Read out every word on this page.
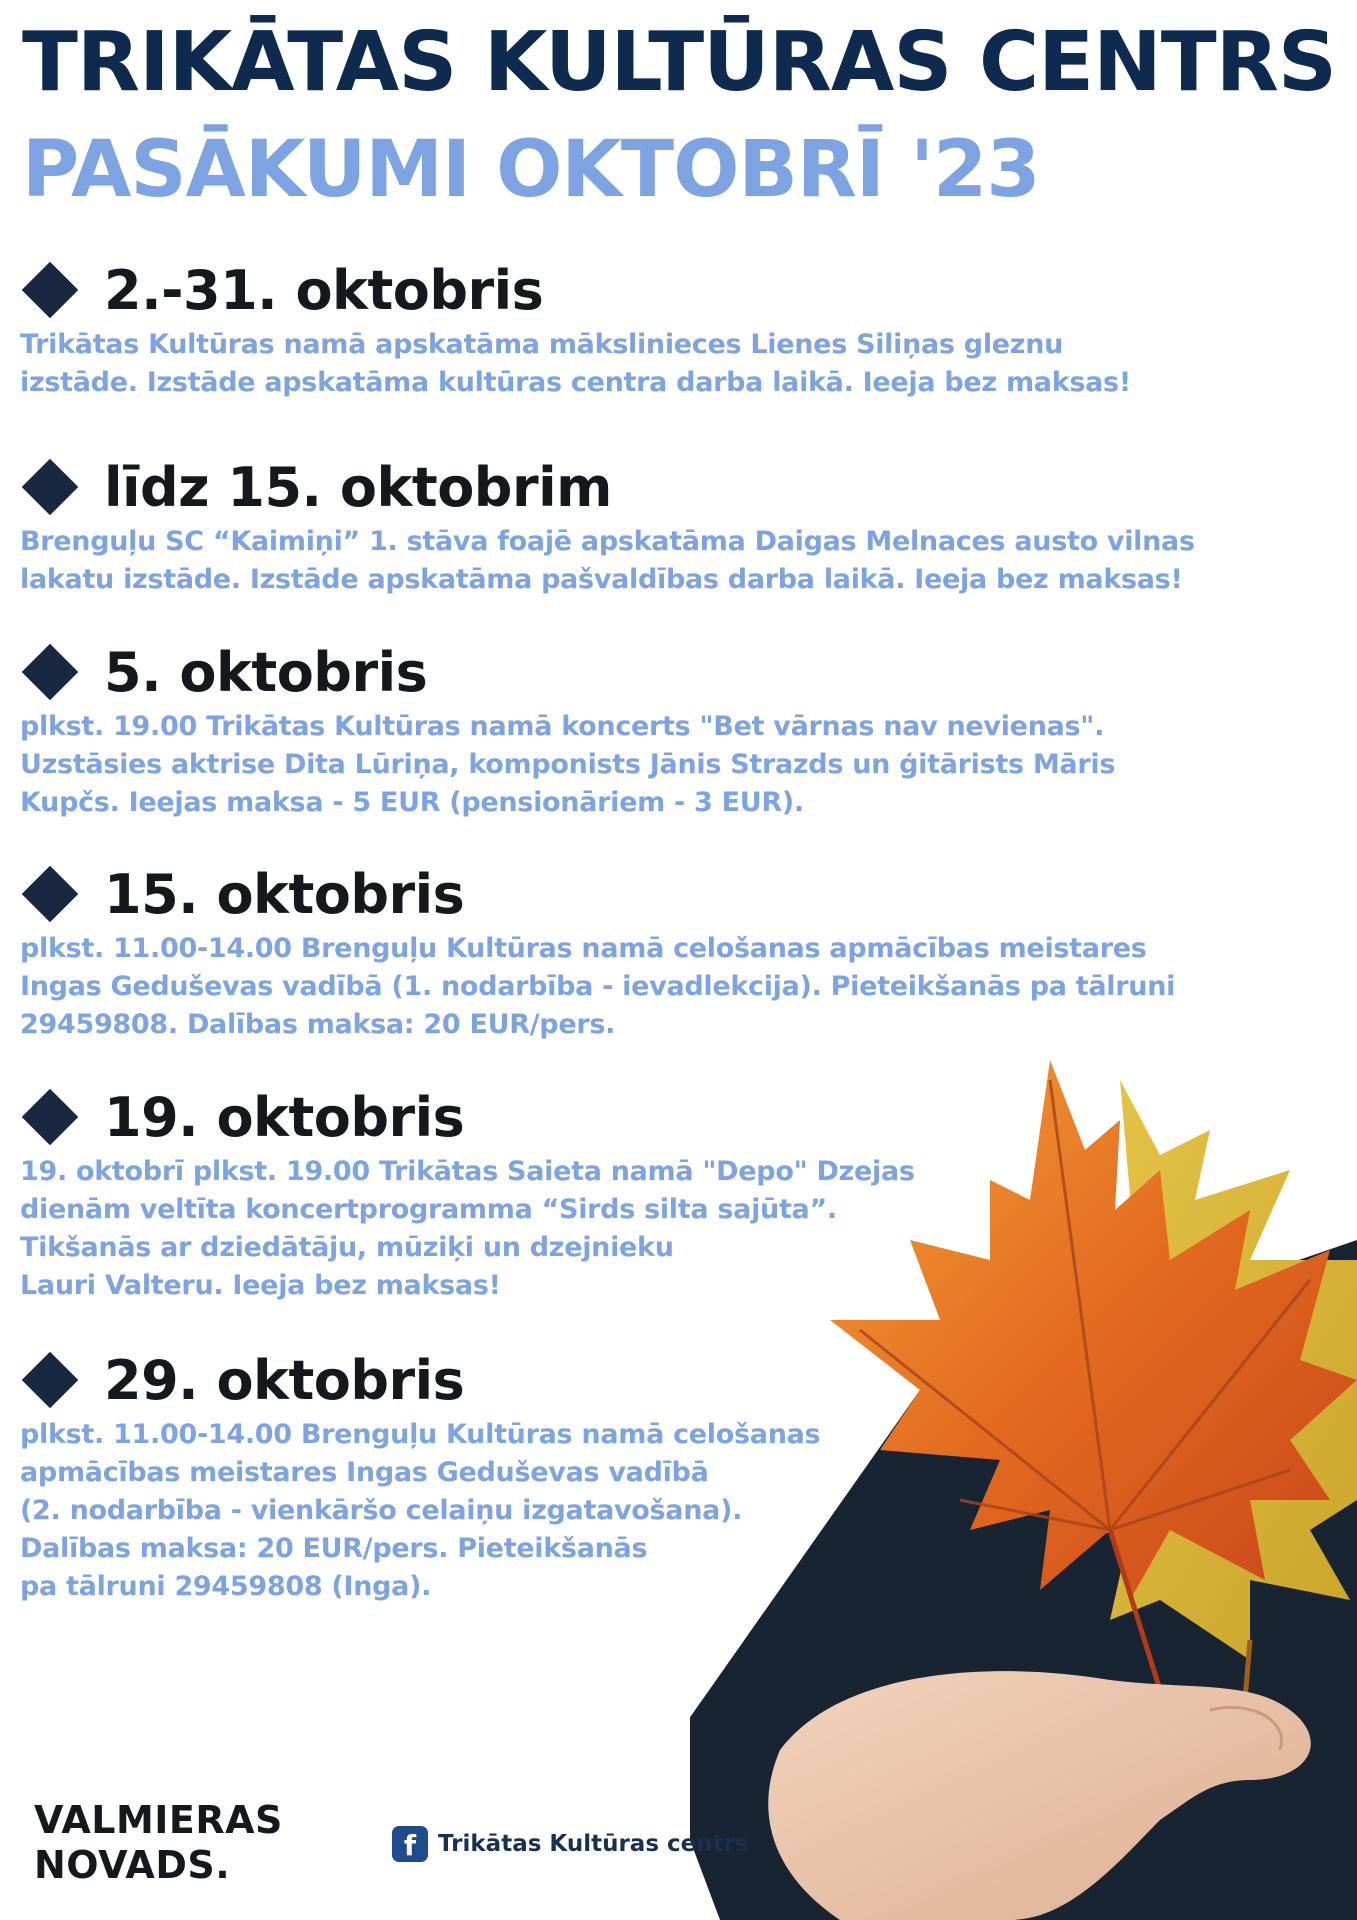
TRIKĀTAS KULTŪRAS CENTRS
PASĀKUMI OKTOBRĪ '23
2.-31. oktobris
Trikātas Kultūras namā apskatāma mākslinieces Lienes Siliņas gleznu
izstāde. Izstāde apskatāma kultūras centra darba laikā. Ieeja bez maksas!
līdz 15. oktobrim
Brenguļu SC “Kaimiņi” 1. stāva foajē apskatāma Daigas Melnaces austo vilnas
lakatu izstāde. Izstāde apskatāma pašvaldības darba laikā. Ieeja bez maksas!
5. oktobris
plkst. 19.00 Trikātas Kultūras namā koncerts "Bet vārnas nav nevienas".
Uzstāsies aktrise Dita Lūriņa, komponists Jānis Strazds un ģitārists Māris
Kupčs. Ieejas maksa - 5 EUR (pensionāriem - 3 EUR).
15. oktobris
plkst. 11.00-14.00 Brenguļu Kultūras namā celošanas apmācības meistares
Ingas Geduševas vadībā (1. nodarbība - ievadlekcija). Pieteikšanās pa tālruni
29459808. Dalības maksa: 20 EUR/pers.
19. oktobris
19. oktobrī plkst. 19.00 Trikātas Saieta namā "Depo" Dzejas
dienām veltīta koncertprogramma “Sirds silta sajūta”.
Tikšanās ar dziedātāju, mūziķi un dzejnieku
Lauri Valteru. Ieeja bez maksas!
29. oktobris
plkst. 11.00-14.00 Brenguļu Kultūras namā celošanas
apmācības meistares Ingas Geduševas vadībā
(2. nodarbība - vienkāršo celaiņu izgatavošana).
Dalības maksa: 20 EUR/pers. Pieteikšanās
pa tālruni 29459808 (Inga).
VALMIERAS
NOVADS.	f Trikātas Kultūras centrs
